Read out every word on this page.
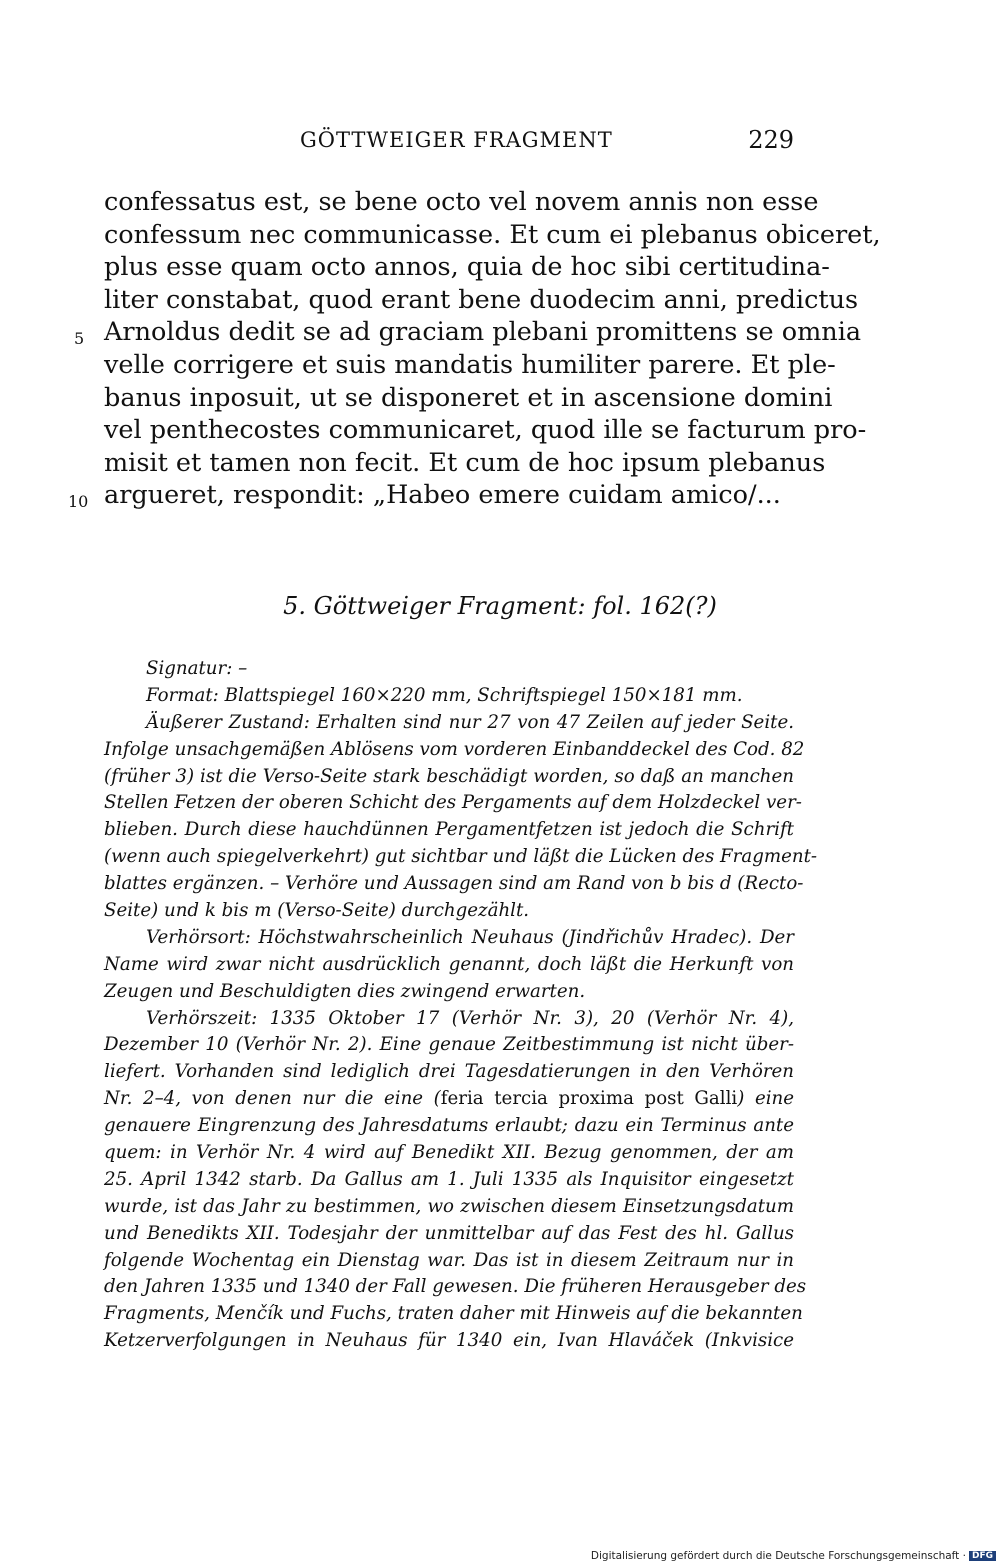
GÖTTWEIGER FRAGMENT	229
5
10
confessatus est, se bene octo vel novem annis non esse
confessum nec communicasse. Et cum ei plebanus obiceret,
plus esse quam octo annos, quia de hoc sibi certitudina-
liter constabat, quod erant bene duodecim anni, predictus
Arnoldus dedit se ad graciam plebani promittens se omnia
velle corrigere et suis mandatis humiliter parere. Et ple-
banus inposuit, ut se disponeret et in ascensione domini
vel penthecostes communicaret, quod ille se facturum pro-
misit et tamen non fecit. Et cum de hoc ipsum plebanus
argueret, respondit: „Habeo emere cuidam amico/...
5. Göttweiger Fragment: fol. 162(?)
Signatur: –
Format: Blattspiegel 160×220 mm, Schriftspiegel 150×181 mm.
Äußerer Zustand: Erhalten sind nur 27 von 47 Zeilen auf jeder Seite.
Infolge unsachgemäßen Ablösens vom vorderen Einbanddeckel des Cod. 82
(früher 3) ist die Verso-Seite stark beschädigt worden, so daß an manchen
Stellen Fetzen der oberen Schicht des Pergaments auf dem Holzdeckel ver-
blieben. Durch diese hauchdünnen Pergamentfetzen ist jedoch die Schrift
(wenn auch spiegelverkehrt) gut sichtbar und läßt die Lücken des Fragment-
blattes ergänzen. – Verhöre und Aussagen sind am Rand von b bis d (Recto-
Seite) und k bis m (Verso-Seite) durchgezählt.
Verhörsort: Höchstwahrscheinlich Neuhaus (Jindřichův Hradec). Der
Name wird zwar nicht ausdrücklich genannt, doch läßt die Herkunft von
Zeugen und Beschuldigten dies zwingend erwarten.
Verhörszeit: 1335 Oktober 17 (Verhör Nr. 3), 20 (Verhör Nr. 4),
Dezember 10 (Verhör Nr. 2). Eine genaue Zeitbestimmung ist nicht über-
liefert. Vorhanden sind lediglich drei Tagesdatierungen in den Verhören
Nr. 2–4, von denen nur die eine (feria tercia proxima post Galli) eine
genauere Eingrenzung des Jahresdatums erlaubt; dazu ein Terminus ante
quem: in Verhör Nr. 4 wird auf Benedikt XII. Bezug genommen, der am
25. April 1342 starb. Da Gallus am 1. Juli 1335 als Inquisitor eingesetzt
wurde, ist das Jahr zu bestimmen, wo zwischen diesem Einsetzungsdatum
und Benedikts XII. Todesjahr der unmittelbar auf das Fest des hl. Gallus
folgende Wochentag ein Dienstag war. Das ist in diesem Zeitraum nur in
den Jahren 1335 und 1340 der Fall gewesen. Die früheren Herausgeber des
Fragments, Menčík und Fuchs, traten daher mit Hinweis auf die bekannten
Ketzerverfolgungen in Neuhaus für 1340 ein, Ivan Hlaváček (Inkvisice
Digitalisierung gefördert durch die Deutsche Forschungsgemeinschaft · DFG
